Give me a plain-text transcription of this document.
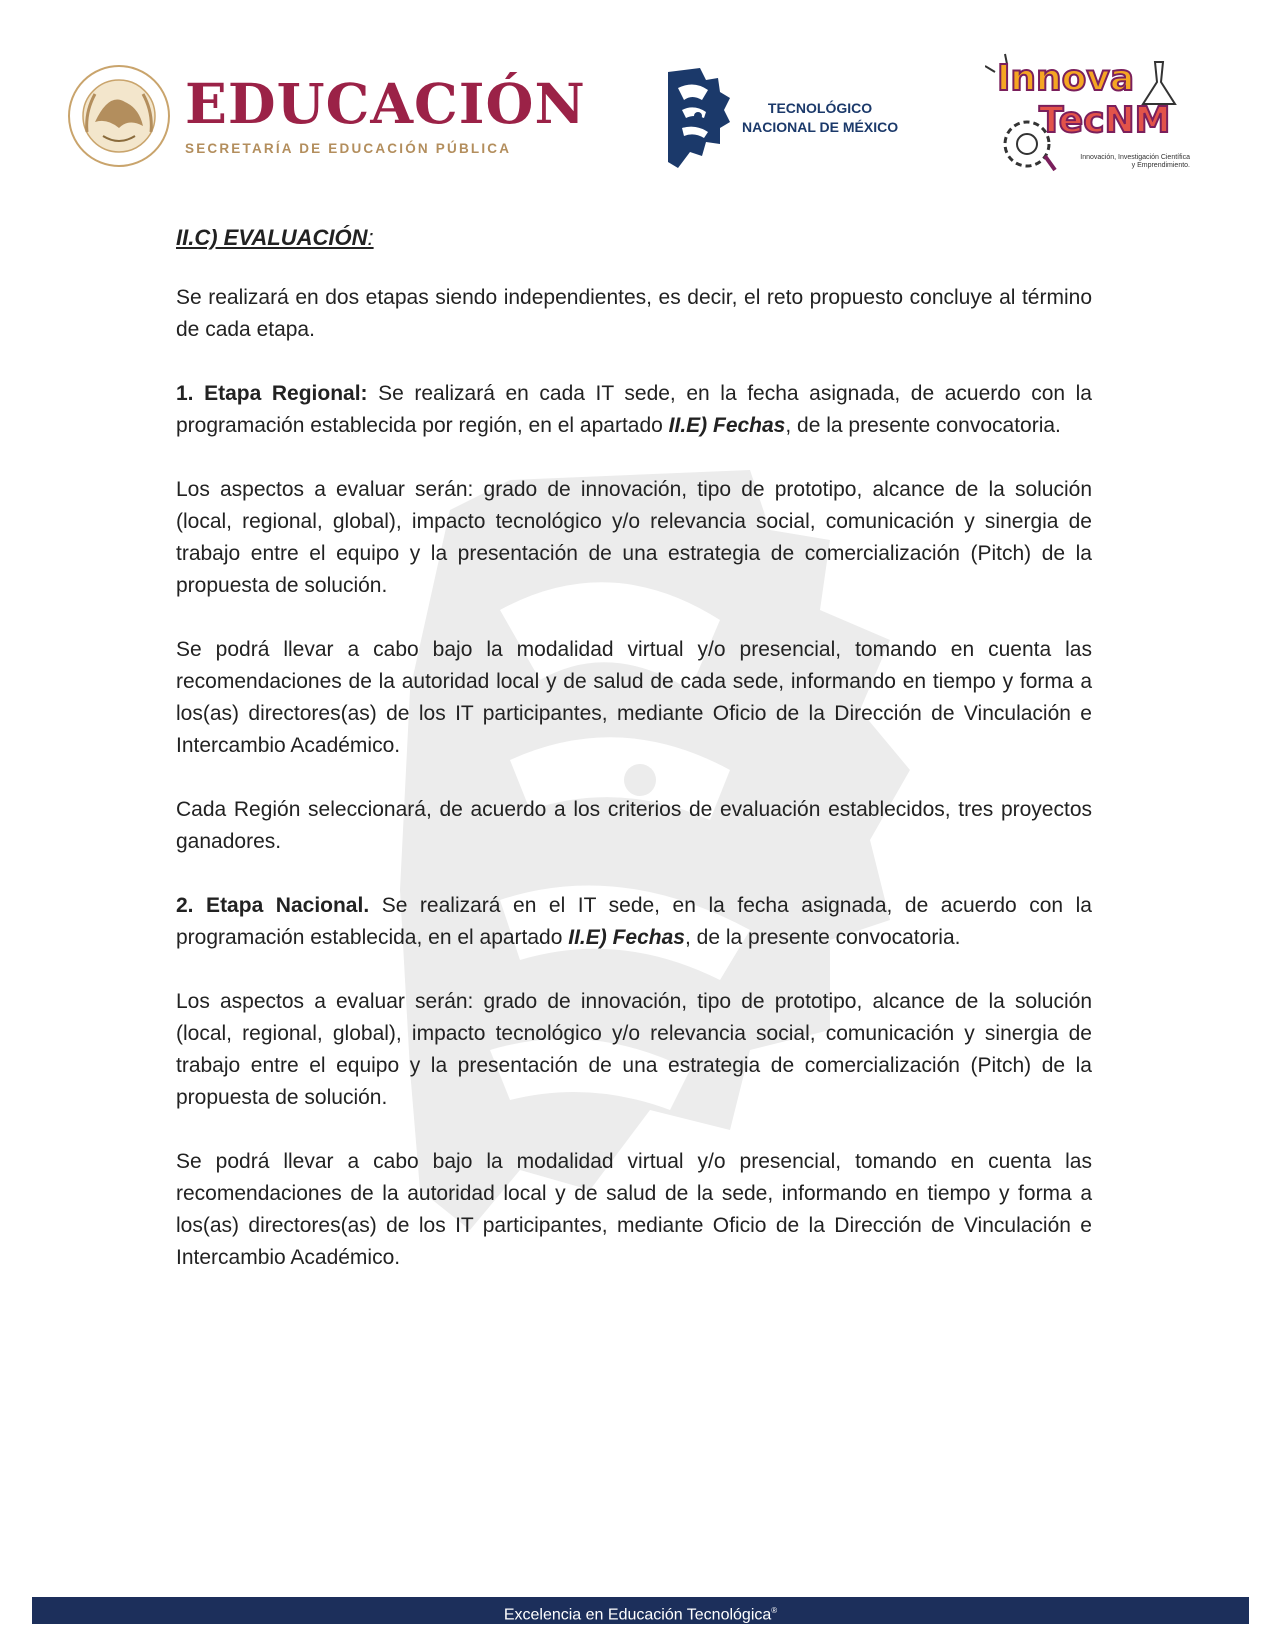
EDUCACIÓN
SECRETARÍA DE EDUCACIÓN PÚBLICA
TECNOLÓGICO
NACIONAL DE MÉXICO
Innova
TecNM
Innovación, Investigación Científica y Emprendimiento.
II.C) EVALUACIÓN:

Se realizará en dos etapas siendo independientes, es decir, el reto propuesto concluye al término de cada etapa.

1. Etapa Regional: Se realizará en cada IT sede, en la fecha asignada, de acuerdo con la programación establecida por región, en el apartado II.E) Fechas, de la presente convocatoria.

Los aspectos a evaluar serán: grado de innovación, tipo de prototipo, alcance de la solución (local, regional, global), impacto tecnológico y/o relevancia social, comunicación y sinergia de trabajo entre el equipo y la presentación de una estrategia de comercialización (Pitch) de la propuesta de solución.

Se podrá llevar a cabo bajo la modalidad virtual y/o presencial, tomando en cuenta las recomendaciones de la autoridad local y de salud de cada sede, informando en tiempo y forma a los(as) directores(as) de los IT participantes, mediante Oficio de la Dirección de Vinculación e Intercambio Académico.

Cada Región seleccionará, de acuerdo a los criterios de evaluación establecidos, tres proyectos ganadores.

2. Etapa Nacional. Se realizará en el IT sede, en la fecha asignada, de acuerdo con la programación establecida, en el apartado II.E) Fechas, de la presente convocatoria.

Los aspectos a evaluar serán: grado de innovación, tipo de prototipo, alcance de la solución (local, regional, global), impacto tecnológico y/o relevancia social, comunicación y sinergia de trabajo entre el equipo y la presentación de una estrategia de comercialización (Pitch) de la propuesta de solución.

Se podrá llevar a cabo bajo la modalidad virtual y/o presencial, tomando en cuenta las recomendaciones de la autoridad local y de salud de la sede, informando en tiempo y forma a los(as) directores(as) de los IT participantes, mediante Oficio de la Dirección de Vinculación e Intercambio Académico.

Excelencia en Educación Tecnológica®
